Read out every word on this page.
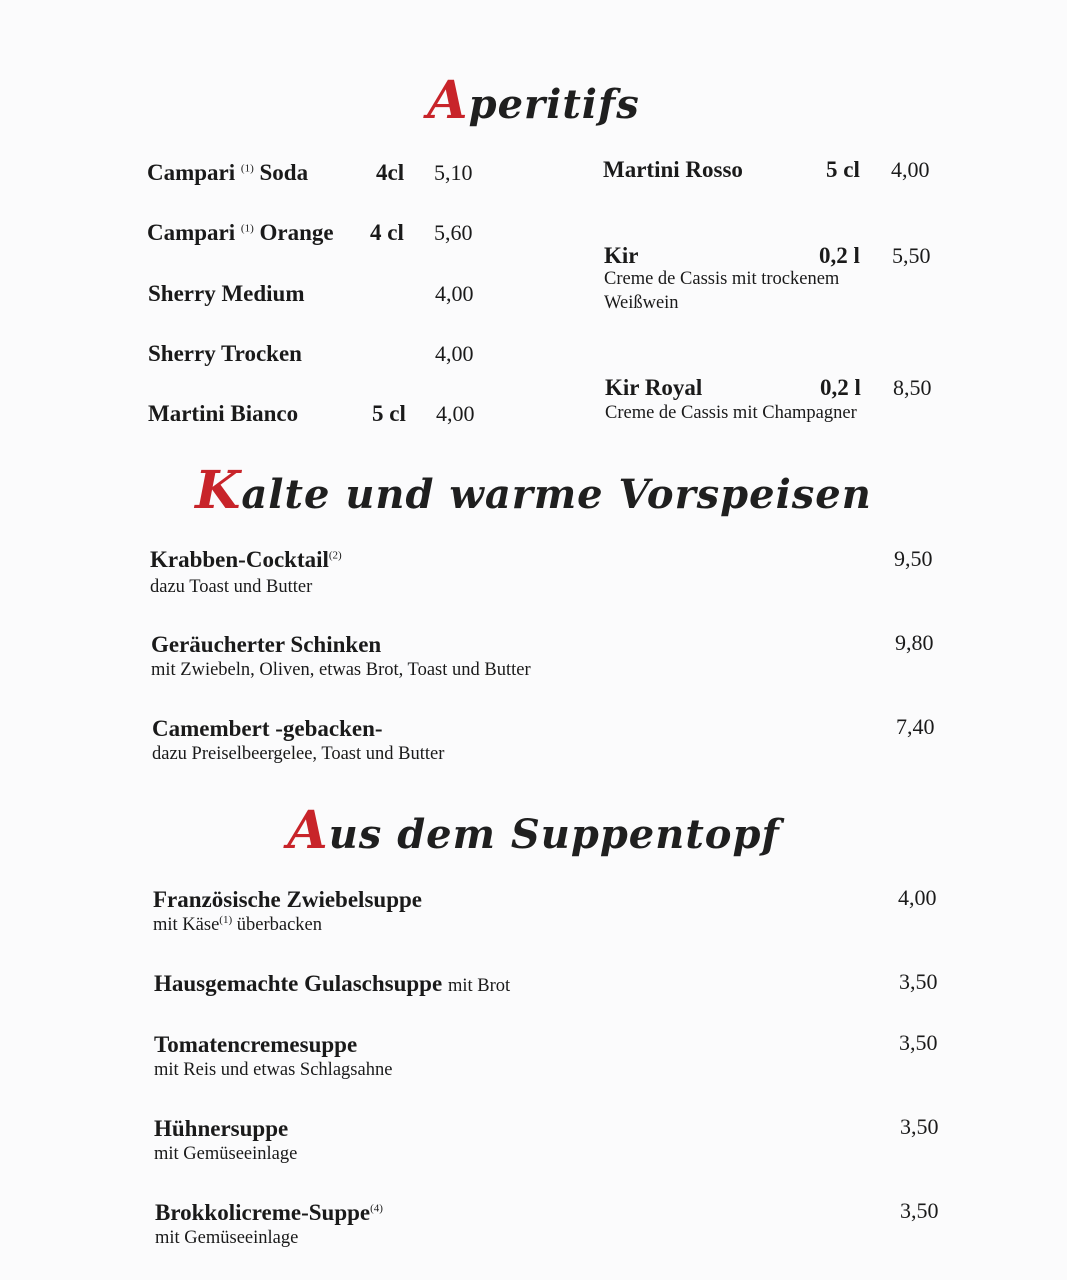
Aperitifs
Campari $^{(1)}$ Soda	4cl 5,10
Campari $^{(1)}$ Orange 4 cl 5,60
Sherry Medium	4,00
Sherry Trocken	4,00
Martini Bianco	5 cl 4,00
Martini Rosso	5 cl 4,00
Kir	0,2 l 5,50
Creme de Cassis mit trockenem
Weißwein
Kir Royal	0,2 l 8,50
Creme de Cassis mit Champagner
Kalte und warme Vorspeisen
Krabben-Cocktail$^{(2)}$
dazu Toast und Butter
9,50
Geräucherter Schinken
mit Zwiebeln, Oliven, etwas Brot, Toast und Butter
9,80
Camembert -gebacken-
dazu Preiselbeergelee, Toast und Butter
7,40
Aus dem Suppentopf
Französische Zwiebelsuppe
mit Käse$^{(1)}$ überbacken
4,00
Hausgemachte Gulaschsuppe mit Brot	3,50
Tomatencremesuppe
mit Reis und etwas Schlagsahne
3,50
Hühnersuppe
mit Gemüseeinlage
3,50
Brokkolicreme-Suppe$^{(4)}$
mit Gemüseeinlage
3,50
